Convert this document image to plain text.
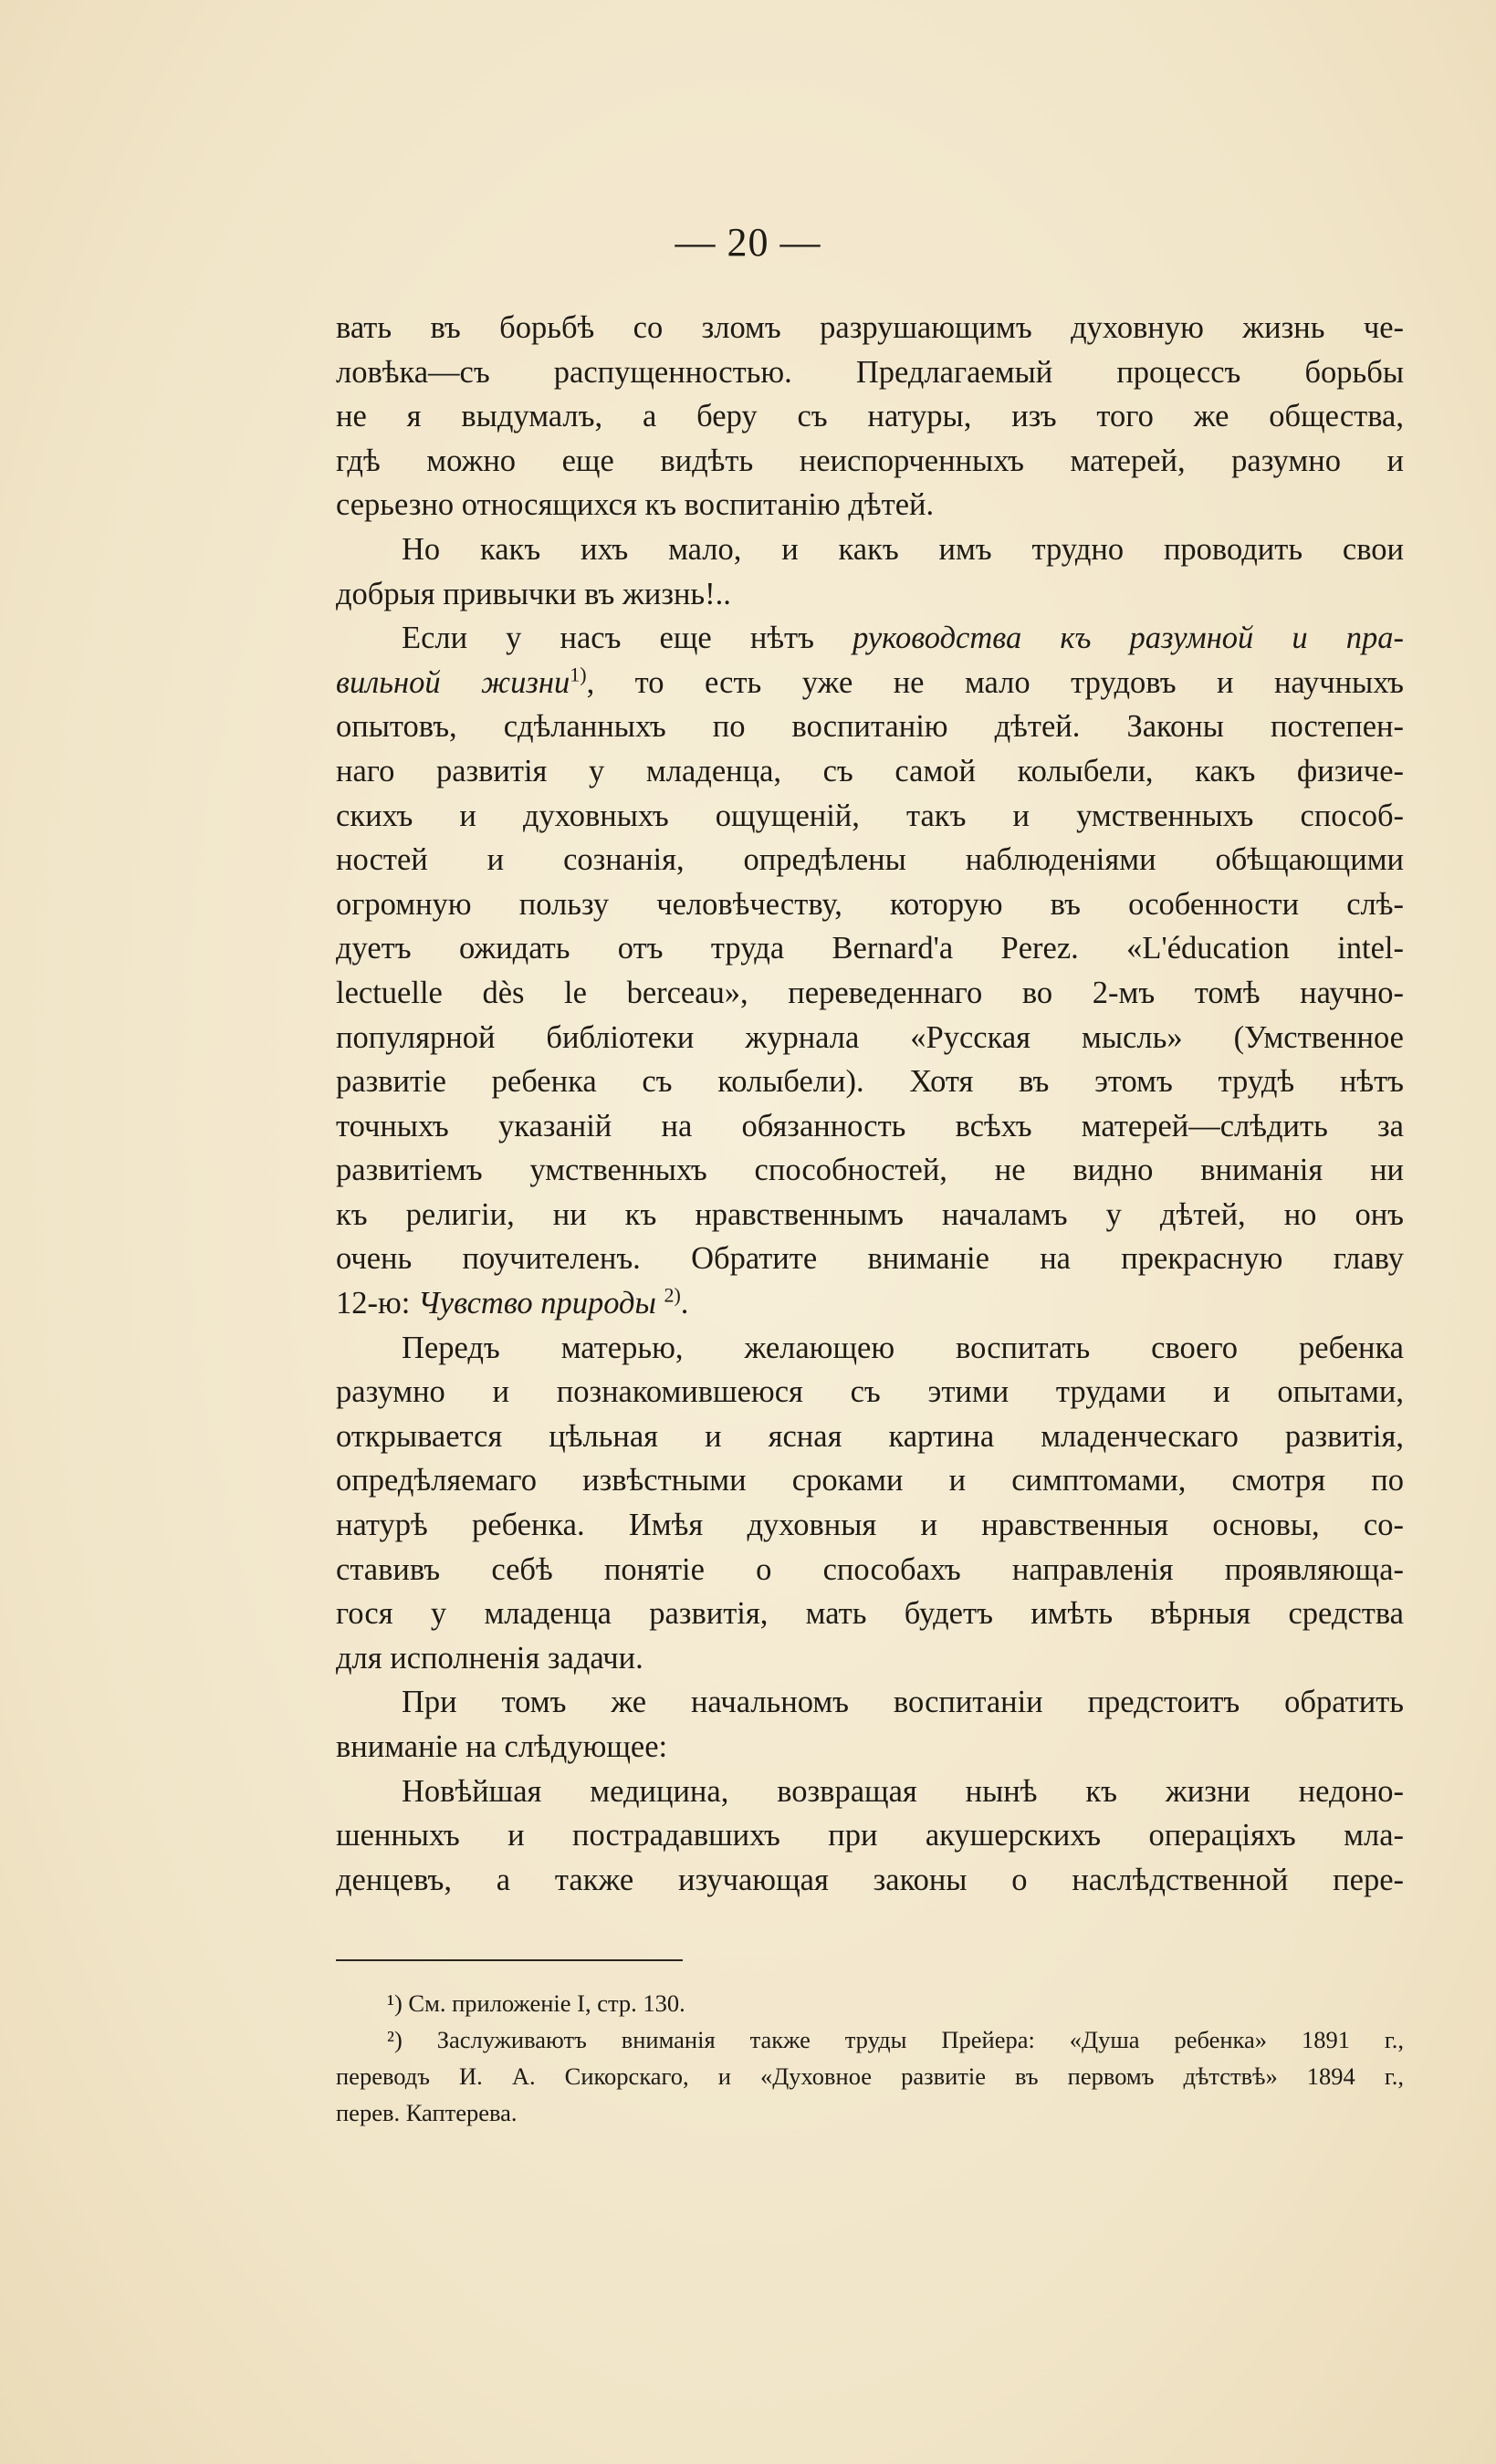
— 20 —
вать въ борьбѣ со зломъ разрушающимъ духовную жизнь че-
ловѣка—съ распущенностью. Предлагаемый процессъ борьбы
не я выдумалъ, а беру съ натуры, изъ того же общества,
гдѣ можно еще видѣть неиспорченныхъ матерей, разумно и
серьезно относящихся къ воспитанію дѣтей.
Но какъ ихъ мало, и какъ имъ трудно проводить свои
добрыя привычки въ жизнь!..
Если у насъ еще нѣтъ руководства къ разумной и пра-
вильной жизни$^{1)}$, то есть уже не мало трудовъ и научныхъ
опытовъ, сдѣланныхъ по воспитанію дѣтей. Законы постепен-
наго развитія у младенца, съ самой колыбели, какъ физиче-
скихъ и духовныхъ ощущеній, такъ и умственныхъ способ-
ностей и сознанія, опредѣлены наблюденіями обѣщающими
огромную пользу человѣчеству, которую въ особенности слѣ-
дуетъ ожидать отъ труда Bernard'a Perez. «L'éducation intel-
lectuelle dès le berceau», переведеннаго во 2-мъ томѣ научно-
популярной библіотеки журнала «Русская мысль» (Умственное
развитіе ребенка съ колыбели). Хотя въ этомъ трудѣ нѣтъ
точныхъ указаній на обязанность всѣхъ матерей—слѣдить за
развитіемъ умственныхъ способностей, не видно вниманія ни
къ религіи, ни къ нравственнымъ началамъ у дѣтей, но онъ
очень поучителенъ. Обратите вниманіе на прекрасную главу
12-ю: Чувство природы $^{2)}$.
Передъ матерью, желающею воспитать своего ребенка
разумно и познакомившеюся съ этими трудами и опытами,
открывается цѣльная и ясная картина младенческаго развитія,
опредѣляемаго извѣстными сроками и симптомами, смотря по
натурѣ ребенка. Имѣя духовныя и нравственныя основы, со-
ставивъ себѣ понятіе о способахъ направленія проявляюща-
гося у младенца развитія, мать будетъ имѣть вѣрныя средства
для исполненія задачи.
При томъ же начальномъ воспитаніи предстоитъ обратить
вниманіе на слѣдующее:
Новѣйшая медицина, возвращая нынѣ къ жизни недоно-
шенныхъ и пострадавшихъ при акушерскихъ операціяхъ мла-
денцевъ, а также изучающая законы о наслѣдственной пере-
¹) См. приложеніе I, стр. 130.
²) Заслуживаютъ вниманія также труды Прейера: «Душа ребенка» 1891 г.,
переводъ И. А. Сикорскаго, и «Духовное развитіе въ первомъ дѣтствѣ» 1894 г.,
перев. Каптерева.
